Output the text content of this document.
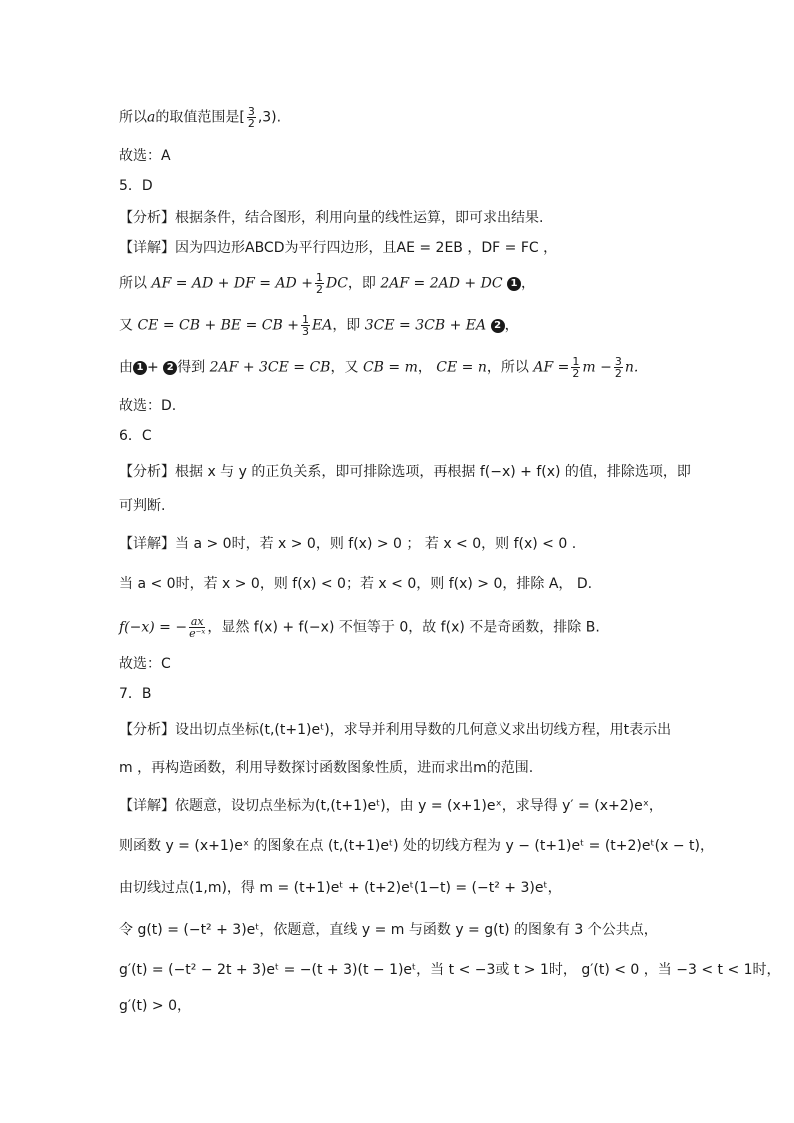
所以a的取值范围是[ $\frac{3}{2} ,3$).
故选：A
5．D
【分析】根据条件，结合图形，利用向量的线性运算，即可求出结果.
【详解】因为四边形ABCD为平行四边形，且AE = 2EB ，DF = FC ，
所以 AF = AD + DF = AD + $\frac{1}{2}$ DC，即 2AF = 2AD + DC 1 ，
又 CE = CB + BE = CB + $\frac{1}{3}$ EA，即 3CE = 3CB + EA 2 ，
由 1 + 2 得到 2AF + 3CE = CB，又 CB = m， CE = n，所以 AF = $\frac{1}{2}$ $m - \frac{3}{2} n$.
故选：D.
6．C
【分析】根据 x 与 y 的正负关系，即可排除选项，再根据 f(−x) + f(x) 的值，排除选项，即
可判断.
【详解】当 a > 0时，若 x > 0，则 f(x) > 0 ； 若 x < 0，则 f(x) < 0 .
当 a < 0时，若 x > 0，则 f(x) < 0；若 x < 0，则 f(x) > 0，排除 A， D.
f(−x) = − $\frac{ax}{\text{e⁻ˣ}}$ ，显然 f(x) + f(−x) 不恒等于 0，故 f(x) 不是奇函数，排除 B.
故选：C
7．B
【分析】设出切点坐标(t,(t+1)eᵗ)，求导并利用导数的几何意义求出切线方程，用t表示出
m ，再构造函数，利用导数探讨函数图象性质，进而求出m的范围.
【详解】依题意，设切点坐标为(t,(t+1)eᵗ)，由 y = (x+1)eˣ，求导得 y′ = (x+2)eˣ，
则函数 y = (x+1)eˣ 的图象在点 (t,(t+1)eᵗ) 处的切线方程为 y − (t+1)eᵗ = (t+2)eᵗ(x − t)，
由切线过点(1,m)，得 m = (t+1)eᵗ + (t+2)eᵗ(1−t) = (−t² + 3)eᵗ，
令 g(t) = (−t² + 3)eᵗ，依题意，直线 y = m 与函数 y = g(t) 的图象有 3 个公共点，
g′(t) = (−t² − 2t + 3)eᵗ = −(t + 3)(t − 1)eᵗ，当 t < −3或 t > 1时， g′(t) < 0 ，当 −3 < t < 1时，
g′(t) > 0，
